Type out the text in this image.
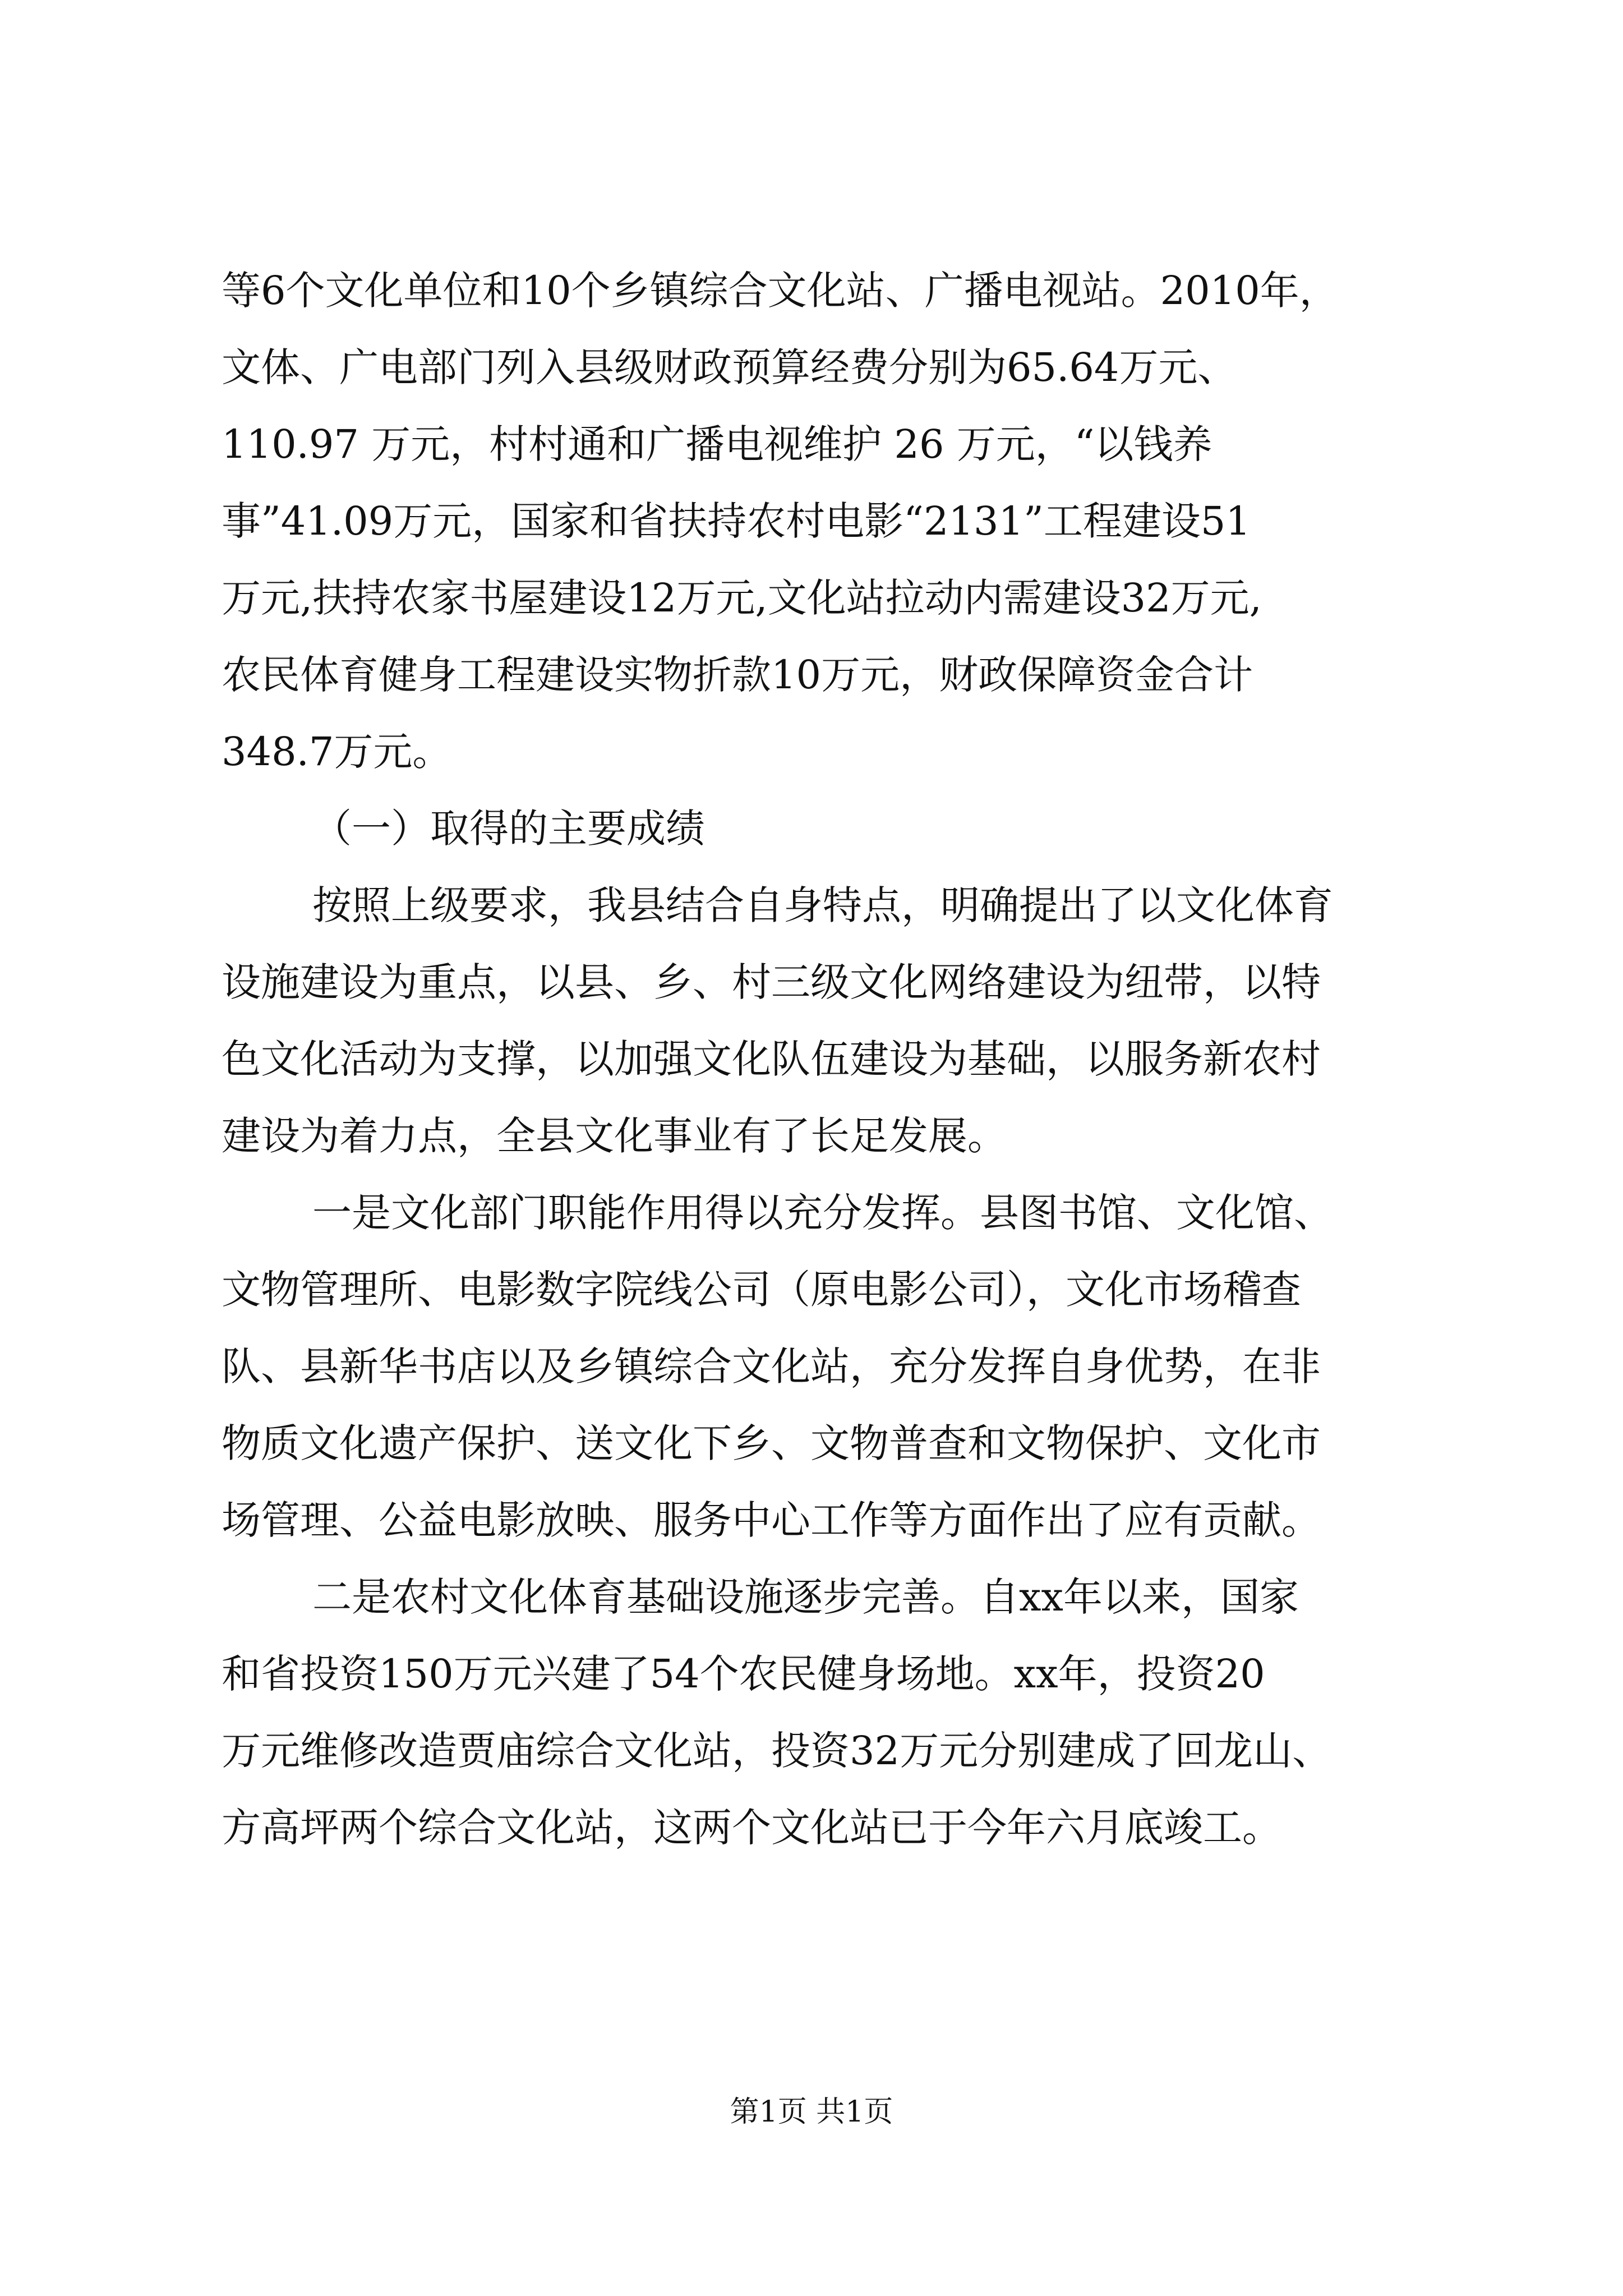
等6个文化单位和10个乡镇综合文化站、广播电视站。2010年，
文体、广电部门列入县级财政预算经费分别为65.64万元、
110.97 万元，村村通和广播电视维护 26 万元，“以钱养
事”41.09万元，国家和省扶持农村电影“2131”工程建设51
万元,扶持农家书屋建设12万元,文化站拉动内需建设32万元,
农民体育健身工程建设实物折款10万元，财政保障资金合计
348.7万元。
（一）取得的主要成绩
按照上级要求，我县结合自身特点，明确提出了以文化体育
设施建设为重点，以县、乡、村三级文化网络建设为纽带，以特
色文化活动为支撑，以加强文化队伍建设为基础，以服务新农村
建设为着力点，全县文化事业有了长足发展。
一是文化部门职能作用得以充分发挥。县图书馆、文化馆、
文物管理所、电影数字院线公司（原电影公司），文化市场稽查
队、县新华书店以及乡镇综合文化站，充分发挥自身优势，在非
物质文化遗产保护、送文化下乡、文物普查和文物保护、文化市
场管理、公益电影放映、服务中心工作等方面作出了应有贡献。
二是农村文化体育基础设施逐步完善。自xx年以来，国家
和省投资150万元兴建了54个农民健身场地。xx年，投资20
万元维修改造贾庙综合文化站，投资32万元分别建成了回龙山、
方高坪两个综合文化站，这两个文化站已于今年六月底竣工。
第1页 共1页
